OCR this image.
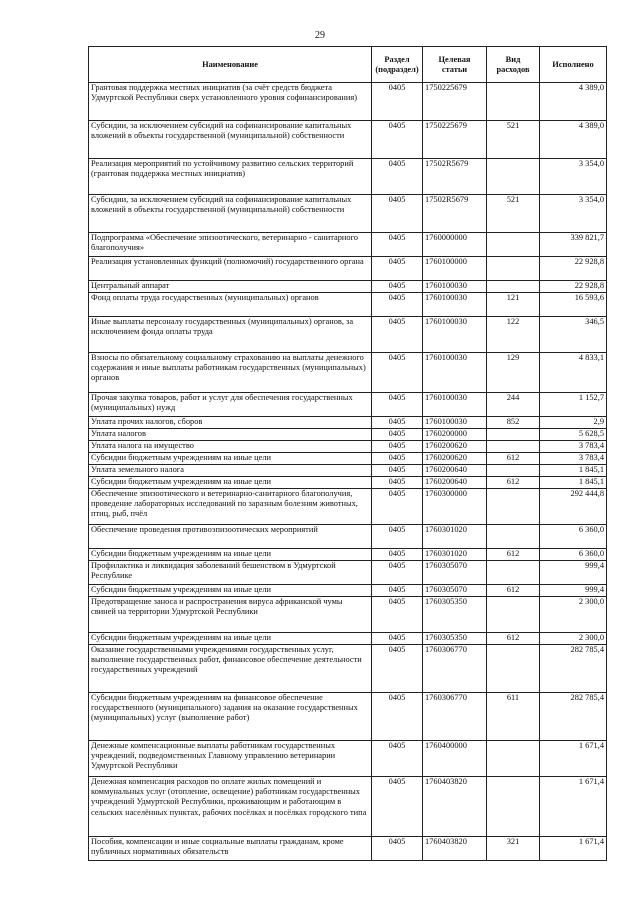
29
Наименование	Раздел (подраздел)	Целевая статьи	Вид расходов	Исполнено
Грантовая поддержка местных инициатив (за счёт средств бюджета Удмуртской Республики сверх установленного уровня софинансирования)	0405	1750225679		4 389,0
Субсидии, за исключением субсидий на софинансирование капитальных вложений в объекты государственной (муниципальной) собственности	0405	1750225679	521	4 389,0
Реализация мероприятий по устойчивому развитию сельских территорий (грантовая поддержка местных инициатив)	0405	17502R5679		3 354,0
Субсидии, за исключением субсидий на софинансирование капитальных вложений в объекты государственной (муниципальной) собственности	0405	17502R5679	521	3 354,0
Подпрограмма «Обеспечение эпизоотического, ветеринарно - санитарного благополучия»	0405	1760000000		339 821,7
Реализация установленных функций (полномочий) государственного органа	0405	1760100000		22 928,8
Центральный аппарат	0405	1760100030		22 928,8
Фонд оплаты труда государственных (муниципальных) органов	0405	1760100030	121	16 593,6
Иные выплаты персоналу государственных (муниципальных) органов, за исключением фонда оплаты труда	0405	1760100030	122	346,5
Взносы по обязательному социальному страхованию на выплаты денежного содержания и иные выплаты работникам государственных (муниципальных) органов	0405	1760100030	129	4 833,1
Прочая закупка товаров, работ и услуг для обеспечения государственных (муниципальных) нужд	0405	1760100030	244	1 152,7
Уплата прочих налогов, сборов	0405	1760100030	852	2,9
Уплата налогов	0405	1760200000		5 628,5
Уплата налога на имущество	0405	1760200620		3 783,4
Субсидии бюджетным учреждениям на иные цели	0405	1760200620	612	3 783,4
Уплата земельного налога	0405	1760200640		1 845,1
Субсидии бюджетным учреждениям на иные цели	0405	1760200640	612	1 845,1
Обеспечение эпизоотического и ветеринарно-санитарного благополучия, проведение лабораторных исследований по заразным болезням животных, птиц, рыб, пчёл	0405	1760300000		292 444,8
Обеспечение проведения противоэпизоотических мероприятий	0405	1760301020		6 360,0
Субсидии бюджетным учреждениям на иные цели	0405	1760301020	612	6 360,0
Профилактика и ликвидация заболеваний бешенством в Удмуртской Республике	0405	1760305070		999,4
Субсидии бюджетным учреждениям на иные цели	0405	1760305070	612	999,4
Предотвращение заноса и распространения вируса африканской чумы свиней на территории Удмуртской Республики	0405	1760305350		2 300,0
Субсидии бюджетным учреждениям на иные цели	0405	1760305350	612	2 300,0
Оказание государственными учреждениями государственных услуг, выполнение государственных работ, финансовое обеспечение деятельности государственных учреждений	0405	1760306770		282 785,4
Субсидии бюджетным учреждениям на финансовое обеспечение государственного (муниципального) задания на оказание государственных (муниципальных) услуг (выполнение работ)	0405	1760306770	611	282 785,4
Денежные компенсационные выплаты работникам государственных учреждений, подведомственных Главному управлению ветеринарии Удмуртской Республики	0405	1760400000		1 671,4
Денежная компенсация расходов по оплате жилых помещений и коммунальных услуг (отопление, освещение) работникам государственных учреждений Удмуртской Республики, проживающим и работающим в сельских населённых пунктах, рабочих посёлках и посёлках городского типа	0405	1760403820		1 671,4
Пособия, компенсации и иные социальные выплаты гражданам, кроме публичных нормативных обязательств	0405	1760403820	321	1 671,4
